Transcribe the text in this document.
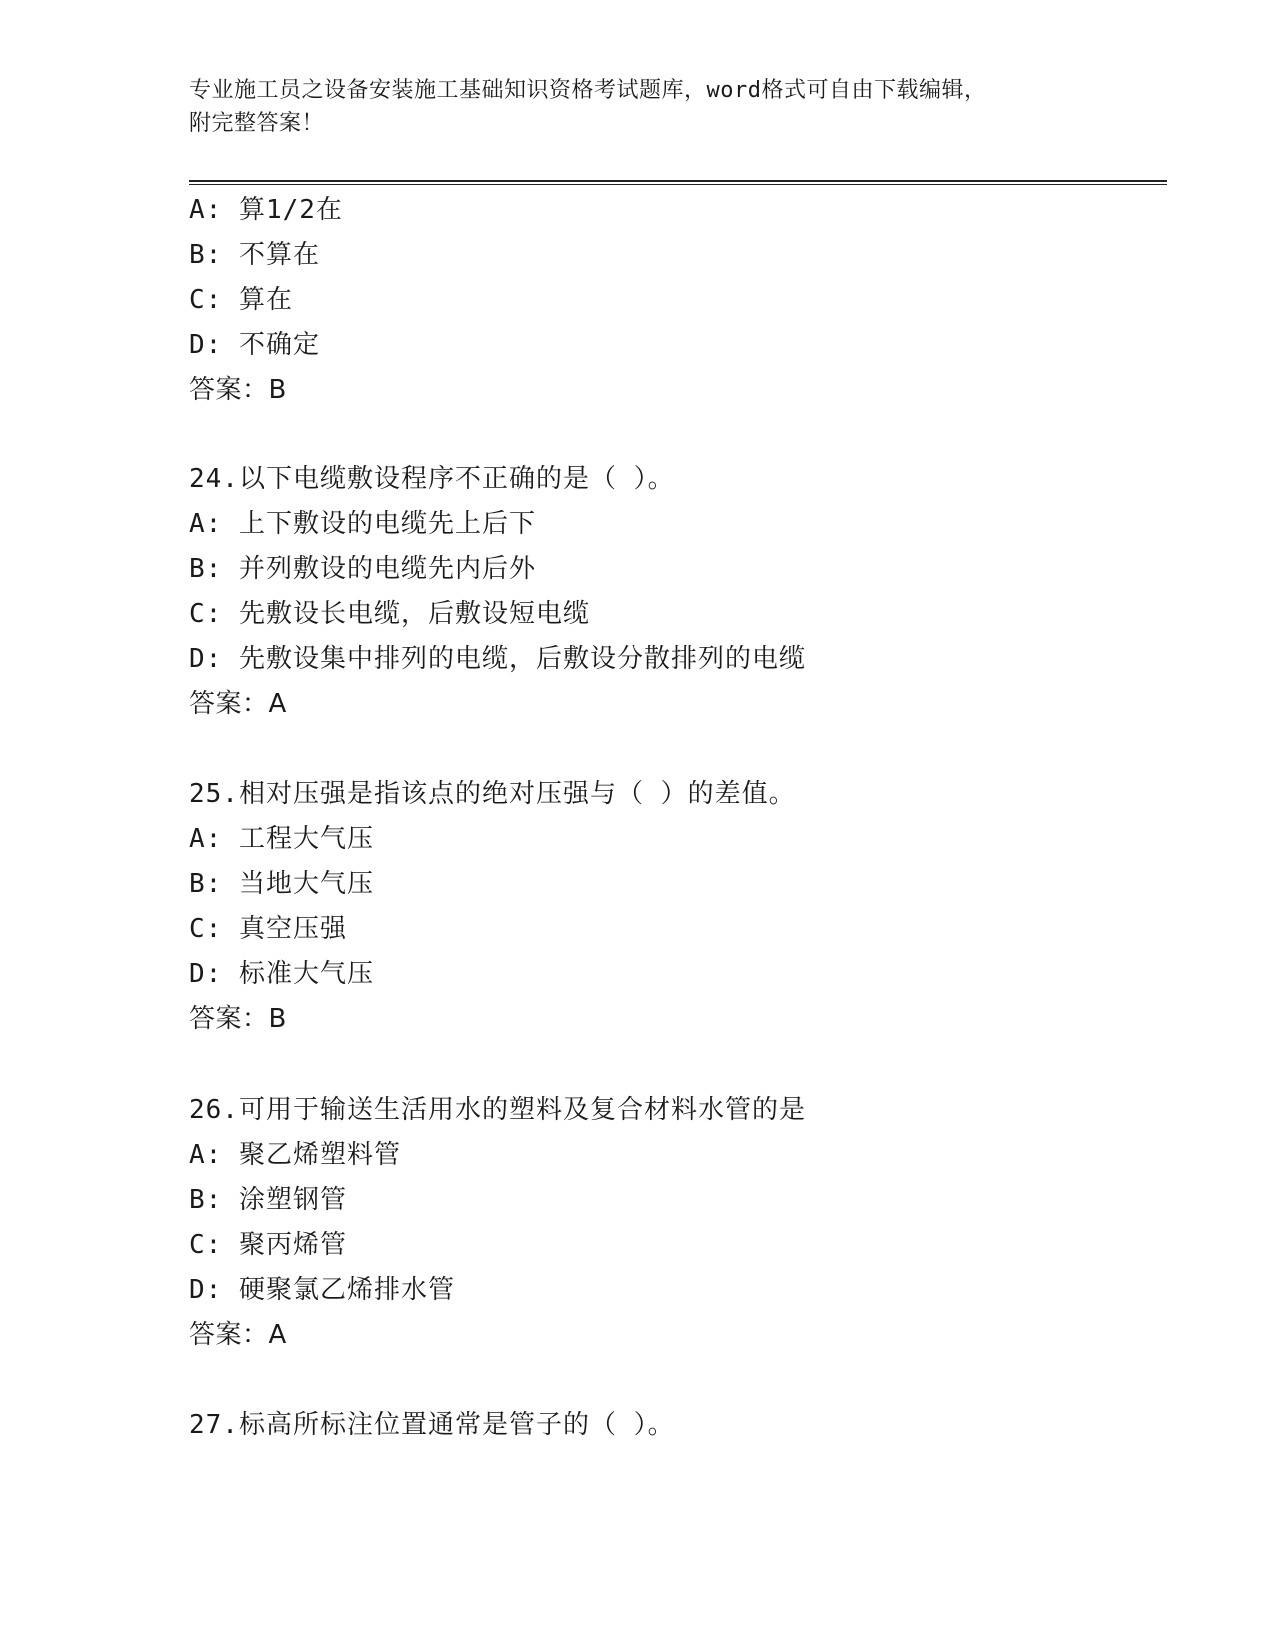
专业施工员之设备安装施工基础知识资格考试题库，word格式可自由下载编辑，
附完整答案！
A: 算1/2在
B: 不算在
C: 算在
D: 不确定
答案：B
24.以下电缆敷设程序不正确的是（ ）。
A: 上下敷设的电缆先上后下
B: 并列敷设的电缆先内后外
C: 先敷设长电缆，后敷设短电缆
D: 先敷设集中排列的电缆，后敷设分散排列的电缆
答案：A
25.相对压强是指该点的绝对压强与（ ）的差值。
A: 工程大气压
B: 当地大气压
C: 真空压强
D: 标准大气压
答案：B
26.可用于输送生活用水的塑料及复合材料水管的是
A: 聚乙烯塑料管
B: 涂塑钢管
C: 聚丙烯管
D: 硬聚氯乙烯排水管
答案：A
27.标高所标注位置通常是管子的（ ）。
